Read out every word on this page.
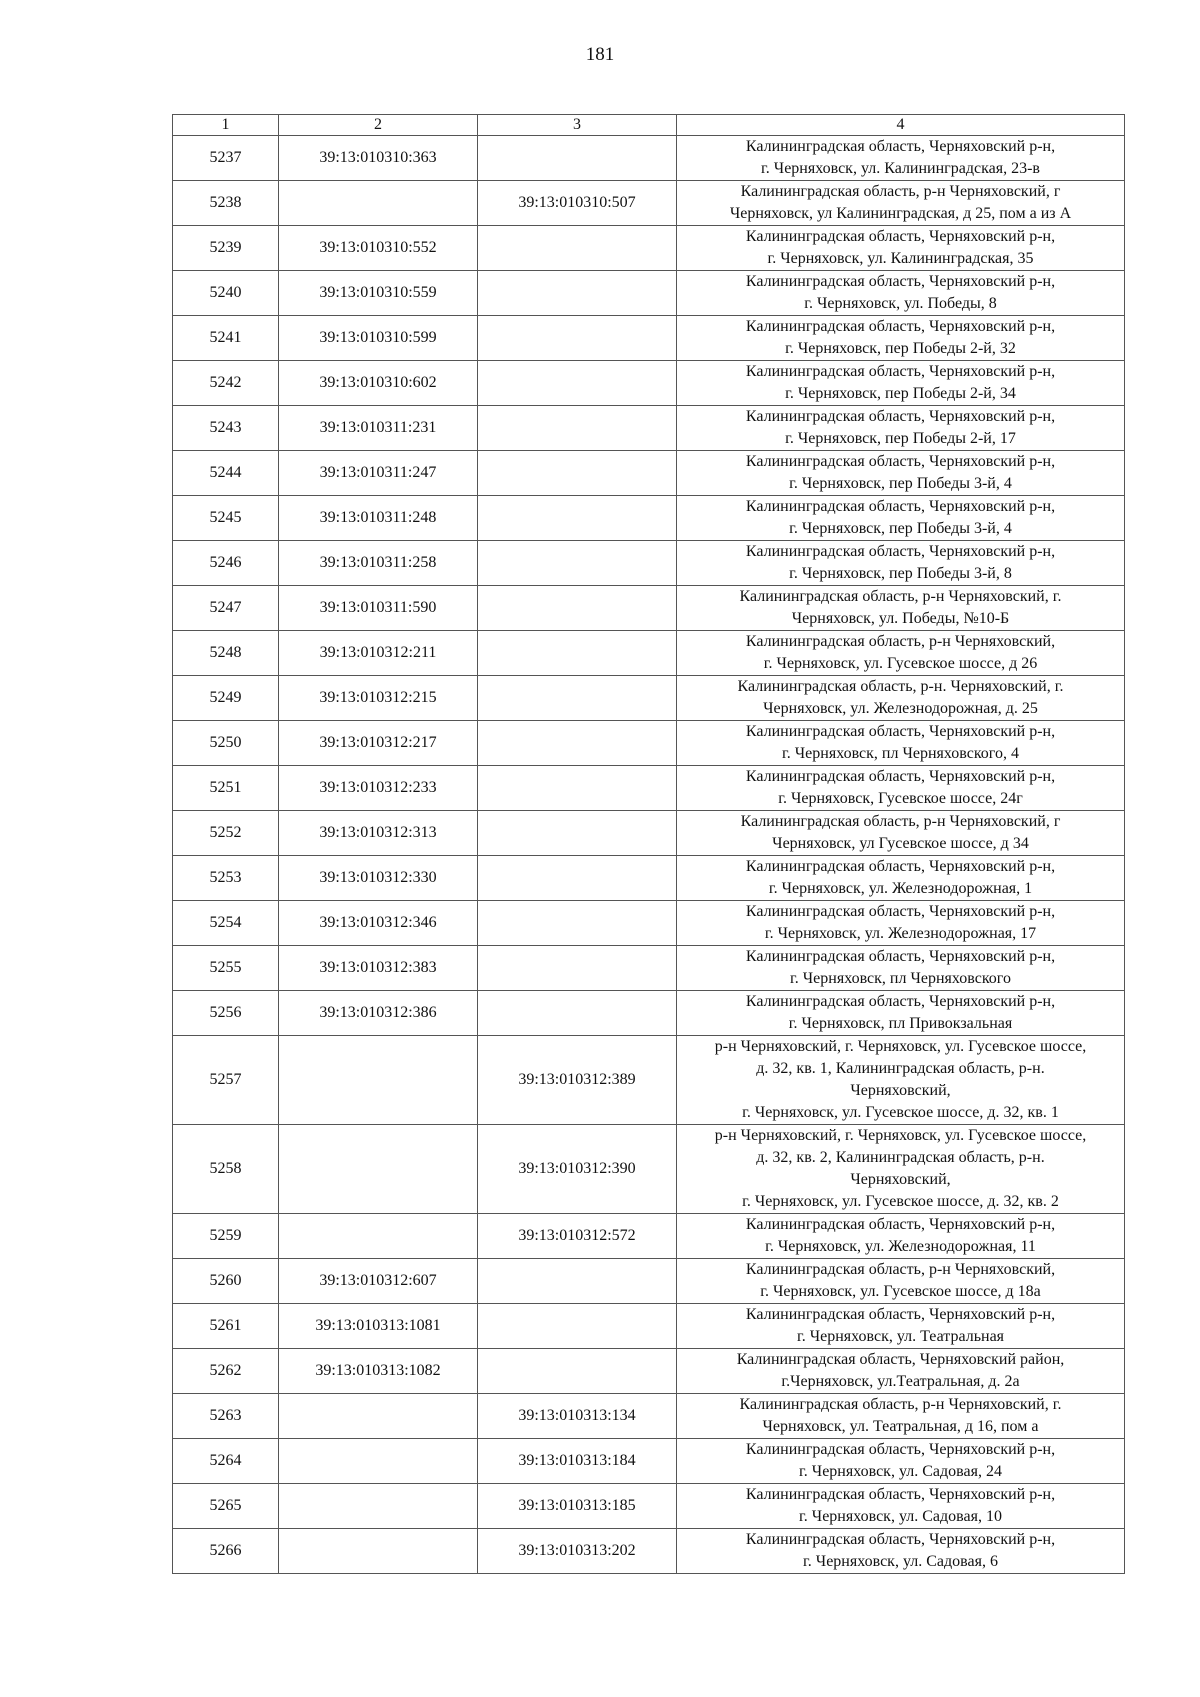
181
1	2	3	4
5237	39:13:010310:363		Калининградская область, Черняховский р-н,
г. Черняховск, ул. Калининградская, 23-в
5238		39:13:010310:507	Калининградская область, р-н Черняховский, г
Черняховск, ул Калининградская, д 25, пом а из А
5239	39:13:010310:552		Калининградская область, Черняховский р-н,
г. Черняховск, ул. Калининградская, 35
5240	39:13:010310:559		Калининградская область, Черняховский р-н,
г. Черняховск, ул. Победы, 8
5241	39:13:010310:599		Калининградская область, Черняховский р-н,
г. Черняховск, пер Победы 2-й, 32
5242	39:13:010310:602		Калининградская область, Черняховский р-н,
г. Черняховск, пер Победы 2-й, 34
5243	39:13:010311:231		Калининградская область, Черняховский р-н,
г. Черняховск, пер Победы 2-й, 17
5244	39:13:010311:247		Калининградская область, Черняховский р-н,
г. Черняховск, пер Победы 3-й, 4
5245	39:13:010311:248		Калининградская область, Черняховский р-н,
г. Черняховск, пер Победы 3-й, 4
5246	39:13:010311:258		Калининградская область, Черняховский р-н,
г. Черняховск, пер Победы 3-й, 8
5247	39:13:010311:590		Калининградская область, р-н Черняховский, г.
Черняховск, ул. Победы, №10-Б
5248	39:13:010312:211		Калининградская область, р-н Черняховский,
г. Черняховск, ул. Гусевское шоссе, д 26
5249	39:13:010312:215		Калининградская область, р-н. Черняховский, г.
Черняховск, ул. Железнодорожная, д. 25
5250	39:13:010312:217		Калининградская область, Черняховский р-н,
г. Черняховск, пл Черняховского, 4
5251	39:13:010312:233		Калининградская область, Черняховский р-н,
г. Черняховск, Гусевское шоссе, 24г
5252	39:13:010312:313		Калининградская область, р-н Черняховский, г
Черняховск, ул Гусевское шоссе, д 34
5253	39:13:010312:330		Калининградская область, Черняховский р-н,
г. Черняховск, ул. Железнодорожная, 1
5254	39:13:010312:346		Калининградская область, Черняховский р-н,
г. Черняховск, ул. Железнодорожная, 17
5255	39:13:010312:383		Калининградская область, Черняховский р-н,
г. Черняховск, пл Черняховского
5256	39:13:010312:386		Калининградская область, Черняховский р-н,
г. Черняховск, пл Привокзальная
5257		39:13:010312:389	р-н Черняховский, г. Черняховск, ул. Гусевское шоссе,
д. 32, кв. 1, Калининградская область, р-н.
Черняховский,
г. Черняховск, ул. Гусевское шоссе, д. 32, кв. 1
5258		39:13:010312:390	р-н Черняховский, г. Черняховск, ул. Гусевское шоссе,
д. 32, кв. 2, Калининградская область, р-н.
Черняховский,
г. Черняховск, ул. Гусевское шоссе, д. 32, кв. 2
5259		39:13:010312:572	Калининградская область, Черняховский р-н,
г. Черняховск, ул. Железнодорожная, 11
5260	39:13:010312:607		Калининградская область, р-н Черняховский,
г. Черняховск, ул. Гусевское шоссе, д 18а
5261	39:13:010313:1081		Калининградская область, Черняховский р-н,
г. Черняховск, ул. Театральная
5262	39:13:010313:1082		Калининградская область, Черняховский район,
г.Черняховск, ул.Театральная, д. 2а
5263		39:13:010313:134	Калининградская область, р-н Черняховский, г.
Черняховск, ул. Театральная, д 16, пом а
5264		39:13:010313:184	Калининградская область, Черняховский р-н,
г. Черняховск, ул. Садовая, 24
5265		39:13:010313:185	Калининградская область, Черняховский р-н,
г. Черняховск, ул. Садовая, 10
5266		39:13:010313:202	Калининградская область, Черняховский р-н,
г. Черняховск, ул. Садовая, 6
